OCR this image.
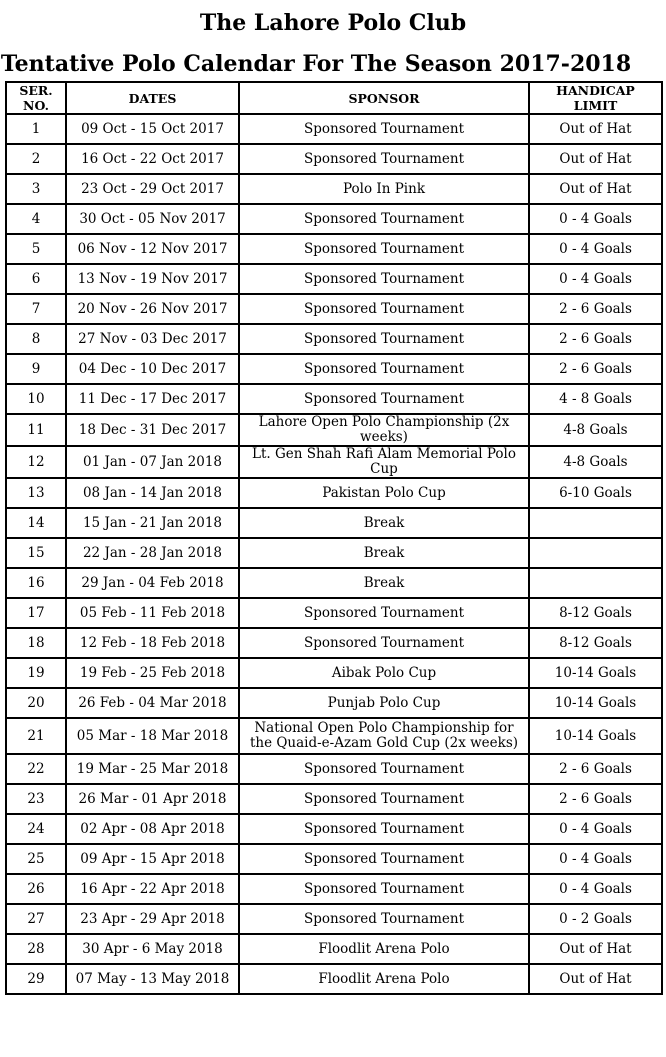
The Lahore Polo Club
Tentative Polo Calendar For The Season 2017-2018
SER. NO.	DATES	SPONSOR	HANDICAP LIMIT
1	09 Oct - 15 Oct 2017	Sponsored Tournament	Out of Hat
2	16 Oct - 22 Oct 2017	Sponsored Tournament	Out of Hat
3	23 Oct - 29 Oct 2017	Polo In Pink	Out of Hat
4	30 Oct - 05 Nov 2017	Sponsored Tournament	0 - 4 Goals
5	06 Nov - 12 Nov 2017	Sponsored Tournament	0 - 4 Goals
6	13 Nov - 19 Nov 2017	Sponsored Tournament	0 - 4 Goals
7	20 Nov - 26 Nov 2017	Sponsored Tournament	2 - 6 Goals
8	27 Nov - 03 Dec 2017	Sponsored Tournament	2 - 6 Goals
9	04 Dec - 10 Dec 2017	Sponsored Tournament	2 - 6 Goals
10	11 Dec - 17 Dec 2017	Sponsored Tournament	4 - 8 Goals
11	18 Dec - 31 Dec 2017	Lahore Open Polo Championship (2x weeks)	4-8 Goals
12	01 Jan - 07 Jan 2018	Lt. Gen Shah Rafi Alam Memorial Polo Cup	4-8 Goals
13	08 Jan - 14 Jan 2018	Pakistan Polo Cup	6-10 Goals
14	15 Jan - 21 Jan 2018	Break	
15	22 Jan - 28 Jan 2018	Break	
16	29 Jan - 04 Feb 2018	Break	
17	05 Feb - 11 Feb 2018	Sponsored Tournament	8-12 Goals
18	12 Feb - 18 Feb 2018	Sponsored Tournament	8-12 Goals
19	19 Feb - 25 Feb 2018	Aibak Polo Cup	10-14 Goals
20	26 Feb - 04 Mar 2018	Punjab Polo Cup	10-14 Goals
21	05 Mar - 18 Mar 2018	National Open Polo Championship for the Quaid-e-Azam Gold Cup (2x weeks)	10-14 Goals
22	19 Mar - 25 Mar 2018	Sponsored Tournament	2 - 6 Goals
23	26 Mar - 01 Apr 2018	Sponsored Tournament	2 - 6 Goals
24	02 Apr - 08 Apr 2018	Sponsored Tournament	0 - 4 Goals
25	09 Apr - 15 Apr 2018	Sponsored Tournament	0 - 4 Goals
26	16 Apr - 22 Apr 2018	Sponsored Tournament	0 - 4 Goals
27	23 Apr - 29 Apr 2018	Sponsored Tournament	0 - 2 Goals
28	30 Apr - 6 May 2018	Floodlit Arena Polo	Out of Hat
29	07 May - 13 May 2018	Floodlit Arena Polo	Out of Hat
